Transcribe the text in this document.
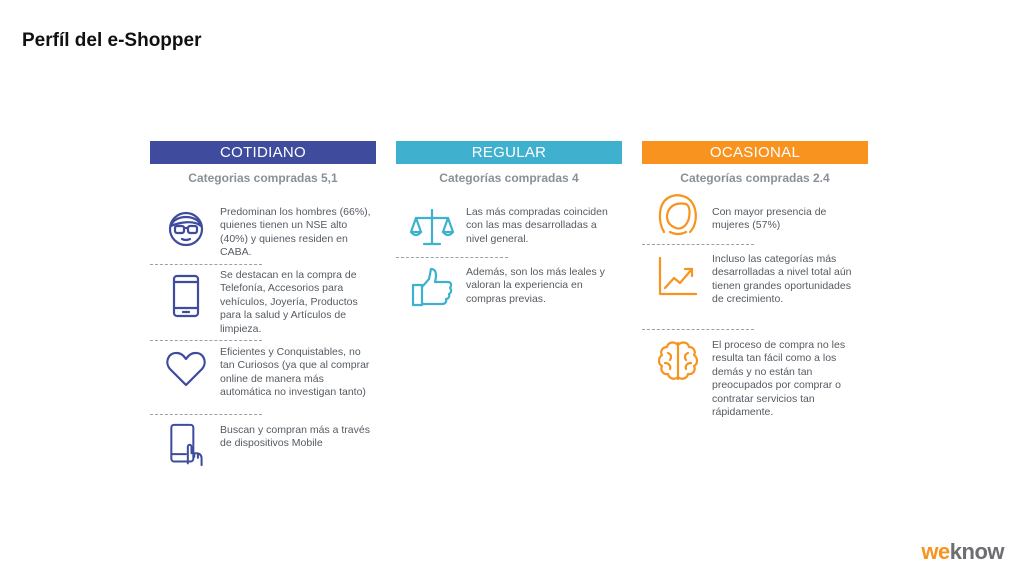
Perfíl del e-Shopper
COTIDIANO
Categorias compradas 5,1
Predominan los hombres (66%), quienes tienen un NSE alto (40%) y quienes residen en CABA.
Se destacan en la compra de Telefonía, Accesorios para vehículos, Joyería, Productos para la salud y Artículos de limpieza.
Eficientes y Conquistables, no tan Curiosos (ya que al comprar online de manera más automática no investigan tanto)
Buscan y compran más a través de dispositivos Mobile
REGULAR
Categorías compradas 4
Las más compradas coinciden con las mas desarrolladas a nivel general.
Además, son los más leales y valoran la experiencia en compras previas.
OCASIONAL
Categorías compradas 2.4
Con mayor presencia de mujeres (57%)
Incluso las categorías más desarrolladas a nivel total aún tienen grandes oportunidades de crecimiento.
El proceso de compra no les resulta tan fácil como a los demás y no están tan preocupados por comprar o contratar servicios tan rápidamente.
weknow
